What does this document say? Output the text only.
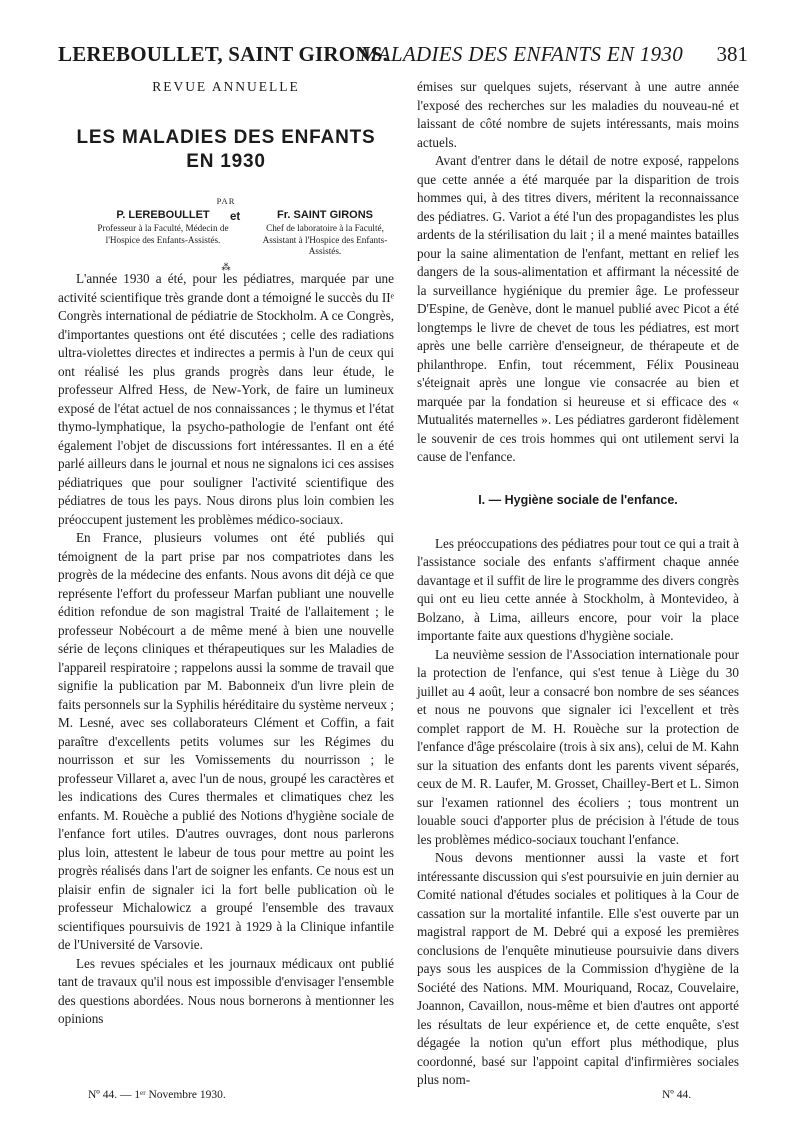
LEREBOULLET, SAINT GIRONS.
MALADIES DES ENFANTS EN 1930 381
REVUE ANNUELLE
LES MALADIES DES ENFANTS
EN 1930
PAR
P. LEREBOULLET
Professeur à la Faculté, Médecin de l'Hospice des Enfants-Assistés.
et	Fr. SAINT GIRONS
Chef de laboratoire à la Faculté, Assistant à l'Hospice des Enfants-Assistés.
⁂

L'année 1930 a été, pour les pédiatres, marquée par une activité scientifique très grande dont a témoigné le succès du IIᵉ Congrès international de pédiatrie de Stockholm. A ce Congrès, d'importantes questions ont été discutées ; celle des radiations ultra-violettes directes et indirectes a permis à l'un de ceux qui ont réalisé les plus grands progrès dans leur étude, le professeur Alfred Hess, de New-York, de faire un lumineux exposé de l'état actuel de nos connaissances ; le thymus et l'état thymo-lymphatique, la psycho-pathologie de l'enfant ont été également l'objet de discussions fort intéressantes. Il en a été parlé ailleurs dans le journal et nous ne signalons ici ces assises pédiatriques que pour souligner l'activité scientifique des pédiatres de tous les pays. Nous dirons plus loin combien les préoccupent justement les problèmes médico-sociaux.

En France, plusieurs volumes ont été publiés qui témoignent de la part prise par nos compatriotes dans les progrès de la médecine des enfants. Nous avons dit déjà ce que représente l'effort du professeur Marfan publiant une nouvelle édition refondue de son magistral Traité de l'allaitement ; le professeur Nobécourt a de même mené à bien une nouvelle série de leçons cliniques et thérapeutiques sur les Maladies de l'appareil respiratoire ; rappelons aussi la somme de travail que signifie la publication par M. Babonneix d'un livre plein de faits personnels sur la Syphilis héréditaire du système nerveux ; M. Lesné, avec ses collaborateurs Clément et Coffin, a fait paraître d'excellents petits volumes sur les Régimes du nourrisson et sur les Vomissements du nourrisson ; le professeur Villaret a, avec l'un de nous, groupé les caractères et les indications des Cures thermales et climatiques chez les enfants. M. Rouèche a publié des Notions d'hygiène sociale de l'enfance fort utiles. D'autres ouvrages, dont nous parlerons plus loin, attestent le labeur de tous pour mettre au point les progrès réalisés dans l'art de soigner les enfants. Ce nous est un plaisir enfin de signaler ici la fort belle publication où le professeur Michalowicz a groupé l'ensemble des travaux scientifiques poursuivis de 1921 à 1929 à la Clinique infantile de l'Université de Varsovie.

Les revues spéciales et les journaux médicaux ont publié tant de travaux qu'il nous est impossible d'envisager l'ensemble des questions abordées. Nous nous bornerons à mentionner les opinions

émises sur quelques sujets, réservant à une autre année l'exposé des recherches sur les maladies du nouveau-né et laissant de côté nombre de sujets intéressants, mais moins actuels.

Avant d'entrer dans le détail de notre exposé, rappelons que cette année a été marquée par la disparition de trois hommes qui, à des titres divers, méritent la reconnaissance des pédiatres. G. Variot a été l'un des propagandistes les plus ardents de la stérilisation du lait ; il a mené maintes batailles pour la saine alimentation de l'enfant, mettant en relief les dangers de la sous-alimentation et affirmant la nécessité de la surveillance hygiénique du premier âge. Le professeur D'Espine, de Genève, dont le manuel publié avec Picot a été longtemps le livre de chevet de tous les pédiatres, est mort après une belle carrière d'enseigneur, de thérapeute et de philanthrope. Enfin, tout récemment, Félix Pousineau s'éteignait après une longue vie consacrée au bien et marquée par la fondation si heureuse et si efficace des « Mutualités maternelles ». Les pédiatres garderont fidèlement le souvenir de ces trois hommes qui ont utilement servi la cause de l'enfance.

I. — Hygiène sociale de l'enfance.

Les préoccupations des pédiatres pour tout ce qui a trait à l'assistance sociale des enfants s'affirment chaque année davantage et il suffit de lire le programme des divers congrès qui ont eu lieu cette année à Stockholm, à Montevideo, à Bolzano, à Lima, ailleurs encore, pour voir la place importante faite aux questions d'hygiène sociale.

La neuvième session de l'Association internationale pour la protection de l'enfance, qui s'est tenue à Liège du 30 juillet au 4 août, leur a consacré bon nombre de ses séances et nous ne pouvons que signaler ici l'excellent et très complet rapport de M. H. Rouèche sur la protection de l'enfance d'âge préscolaire (trois à six ans), celui de M. Kahn sur la situation des enfants dont les parents vivent séparés, ceux de M. R. Laufer, M. Grosset, Chailley-Bert et L. Simon sur l'examen rationnel des écoliers ; tous montrent un louable souci d'apporter plus de précision à l'étude de tous les problèmes médico-sociaux touchant l'enfance.

Nous devons mentionner aussi la vaste et fort intéressante discussion qui s'est poursuivie en juin dernier au Comité national d'études sociales et politiques à la Cour de cassation sur la mortalité infantile. Elle s'est ouverte par un magistral rapport de M. Debré qui a exposé les premières conclusions de l'enquête minutieuse poursuivie dans divers pays sous les auspices de la Commission d'hygiène de la Société des Nations. MM. Mouriquand, Rocaz, Couvelaire, Joannon, Cavaillon, nous-même et bien d'autres ont apporté les résultats de leur expérience et, de cette enquête, s'est dégagée la notion qu'un effort plus méthodique, plus coordonné, basé sur l'appoint capital d'infirmières sociales plus nom-

Nº 44. — 1ᵉʳ Novembre 1930.	Nº 44.
